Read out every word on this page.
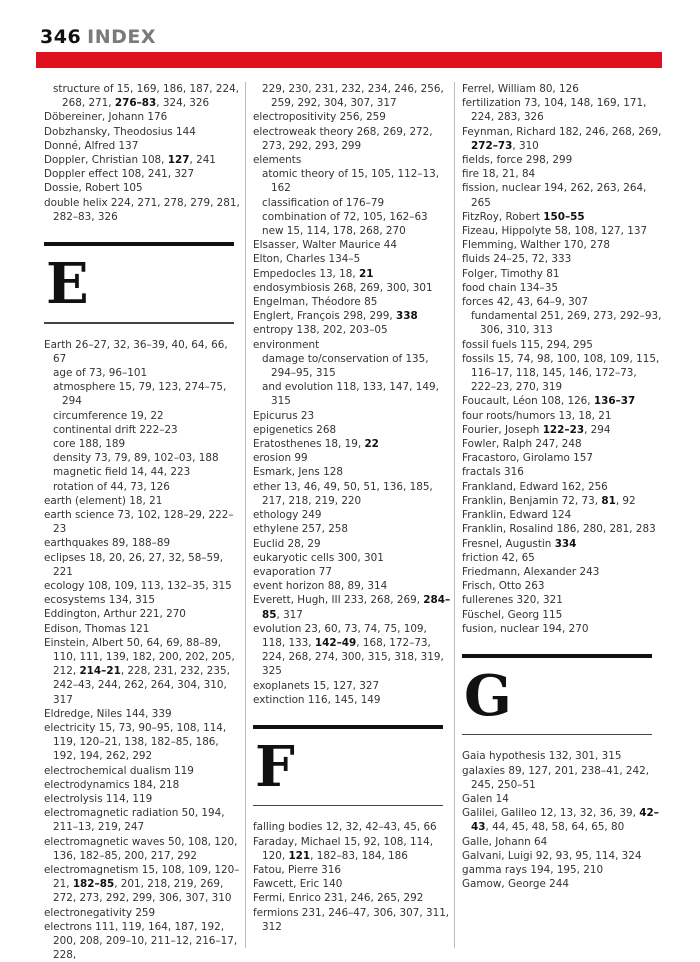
346 INDEX

structure of 15, 169, 186, 187, 224, 268, 271, 276–83, 324, 326

Döbereiner, Johann 176

Dobzhansky, Theodosius 144

Donné, Alfred 137

Doppler, Christian 108, 127, 241

Doppler effect 108, 241, 327

Dossie, Robert 105

double helix 224, 271, 278, 279, 281, 282–83, 326

E

Earth 26–27, 32, 36–39, 40, 64, 66, 67

age of 73, 96–101

atmosphere 15, 79, 123, 274–75, 294

circumference 19, 22

continental drift 222–23

core 188, 189

density 73, 79, 89, 102–03, 188

magnetic field 14, 44, 223

rotation of 44, 73, 126

earth (element) 18, 21

earth science 73, 102, 128–29, 222–23

earthquakes 89, 188–89

eclipses 18, 20, 26, 27, 32, 58–59, 221

ecology 108, 109, 113, 132–35, 315

ecosystems 134, 315

Eddington, Arthur 221, 270

Edison, Thomas 121

Einstein, Albert 50, 64, 69, 88–89, 110, 111, 139, 182, 200, 202, 205, 212, 214–21, 228, 231, 232, 235, 242–43, 244, 262, 264, 304, 310, 317

Eldredge, Niles 144, 339

electricity 15, 73, 90–95, 108, 114, 119, 120–21, 138, 182–85, 186, 192, 194, 262, 292

electrochemical dualism 119

electrodynamics 184, 218

electrolysis 114, 119

electromagnetic radiation 50, 194, 211–13, 219, 247

electromagnetic waves 50, 108, 120, 136, 182–85, 200, 217, 292

electromagnetism 15, 108, 109, 120–21, 182–85, 201, 218, 219, 269, 272, 273, 292, 299, 306, 307, 310

electronegativity 259

electrons 111, 119, 164, 187, 192, 200, 208, 209–10, 211–12, 216–17, 228,

229, 230, 231, 232, 234, 246, 256, 259, 292, 304, 307, 317

electropositivity 256, 259

electroweak theory 268, 269, 272, 273, 292, 293, 299

elements

atomic theory of 15, 105, 112–13, 162

classification of 176–79

combination of 72, 105, 162–63

new 15, 114, 178, 268, 270

Elsasser, Walter Maurice 44

Elton, Charles 134–5

Empedocles 13, 18, 21

endosymbiosis 268, 269, 300, 301

Engelman, Théodore 85

Englert, François 298, 299, 338

entropy 138, 202, 203–05

environment

damage to/conservation of 135, 294–95, 315

and evolution 118, 133, 147, 149, 315

Epicurus 23

epigenetics 268

Eratosthenes 18, 19, 22

erosion 99

Esmark, Jens 128

ether 13, 46, 49, 50, 51, 136, 185, 217, 218, 219, 220

ethology 249

ethylene 257, 258

Euclid 28, 29

eukaryotic cells 300, 301

evaporation 77

event horizon 88, 89, 314

Everett, Hugh, III 233, 268, 269, 284–85, 317

evolution 23, 60, 73, 74, 75, 109, 118, 133, 142–49, 168, 172–73, 224, 268, 274, 300, 315, 318, 319, 325

exoplanets 15, 127, 327

extinction 116, 145, 149

F

falling bodies 12, 32, 42–43, 45, 66

Faraday, Michael 15, 92, 108, 114, 120, 121, 182–83, 184, 186

Fatou, Pierre 316

Fawcett, Eric 140

Fermi, Enrico 231, 246, 265, 292

fermions 231, 246–47, 306, 307, 311, 312

Ferrel, William 80, 126

fertilization 73, 104, 148, 169, 171, 224, 283, 326

Feynman, Richard 182, 246, 268, 269, 272–73, 310

fields, force 298, 299

fire 18, 21, 84

fission, nuclear 194, 262, 263, 264, 265

FitzRoy, Robert 150–55

Fizeau, Hippolyte 58, 108, 127, 137

Flemming, Walther 170, 278

fluids 24–25, 72, 333

Folger, Timothy 81

food chain 134–35

forces 42, 43, 64–9, 307

fundamental 251, 269, 273, 292–93, 306, 310, 313

fossil fuels 115, 294, 295

fossils 15, 74, 98, 100, 108, 109, 115, 116–17, 118, 145, 146, 172–73, 222–23, 270, 319

Foucault, Léon 108, 126, 136–37

four roots/humors 13, 18, 21

Fourier, Joseph 122–23, 294

Fowler, Ralph 247, 248

Fracastoro, Girolamo 157

fractals 316

Frankland, Edward 162, 256

Franklin, Benjamin 72, 73, 81, 92

Franklin, Edward 124

Franklin, Rosalind 186, 280, 281, 283

Fresnel, Augustin 334

friction 42, 65

Friedmann, Alexander 243

Frisch, Otto 263

fullerenes 320, 321

Füschel, Georg 115

fusion, nuclear 194, 270

G

Gaia hypothesis 132, 301, 315

galaxies 89, 127, 201, 238–41, 242, 245, 250–51

Galen 14

Galilei, Galileo 12, 13, 32, 36, 39, 42–43, 44, 45, 48, 58, 64, 65, 80

Galle, Johann 64

Galvani, Luigi 92, 93, 95, 114, 324

gamma rays 194, 195, 210

Gamow, George 244
